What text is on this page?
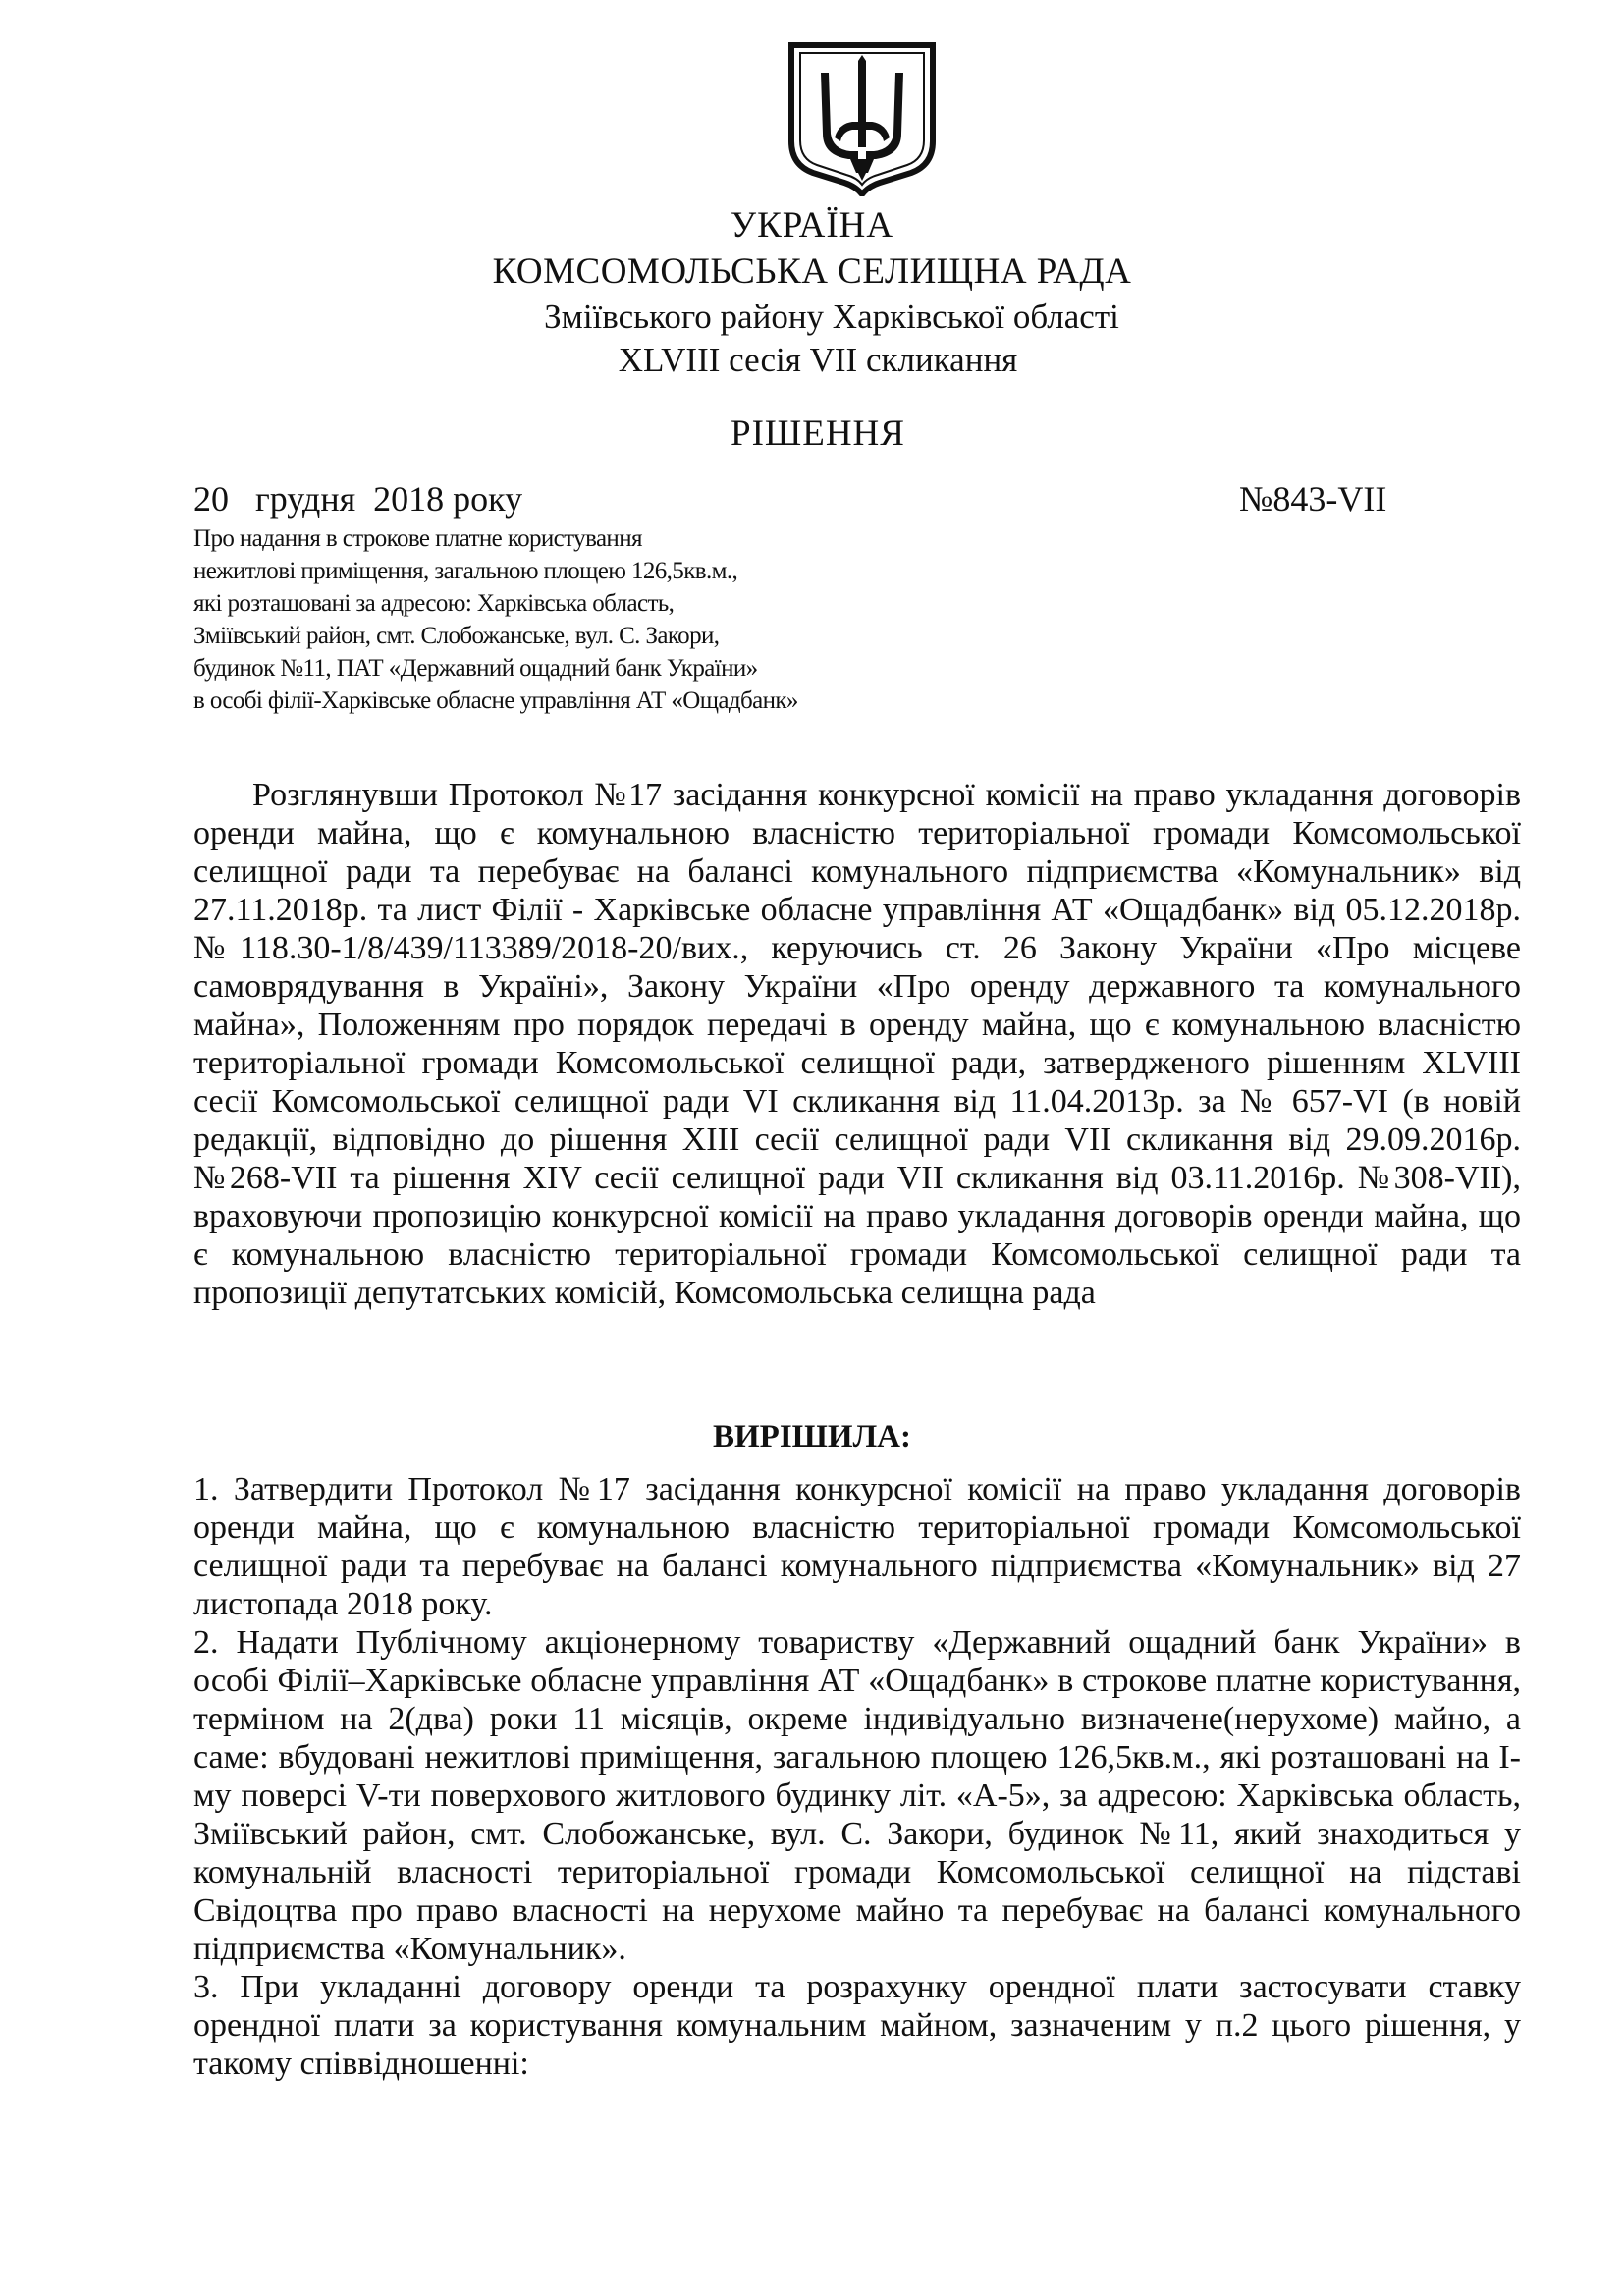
УКРАЇНА
КОМСОМОЛЬСЬКА СЕЛИЩНА РАДА
Зміївського району Харківської області
XLVIII сесія VII скликання
РІШЕННЯ
20   грудня  2018 року	№843-VII
Про надання в строкове платне користування
нежитлові приміщення, загальною площею 126,5кв.м.,
які розташовані за адресою: Харківська область,
Зміївський район, смт. Слобожанське, вул. С. Закори,
будинок №11, ПАТ «Державний ощадний банк України»
в особі філії-Харківське обласне управління АТ «Ощадбанк»
Розглянувши Протокол №17 засідання конкурсної комісії на право укладання договорів оренди майна, що є комунальною власністю територіальної громади Комсомольської селищної ради та перебуває на балансі комунального підприємства «Комунальник» від 27.11.2018р. та лист Філії - Харківське обласне управління АТ «Ощадбанк» від 05.12.2018р. №118.30-1/8/439/113389/2018-20/вих., керуючись ст. 26 Закону України «Про місцеве самоврядування в Україні», Закону України «Про оренду державного та комунального майна», Положенням про порядок передачі в оренду майна, що є комунальною власністю територіальної громади Комсомольської селищної ради, затвердженого рішенням XLVIII сесії Комсомольської селищної ради VI скликання від 11.04.2013р. за № 657-VI (в новій редакції, відповідно до рішення XIII сесії селищної ради VII скликання від 29.09.2016р. №268-VII та рішення XIV сесії селищної ради VII скликання від 03.11.2016р. №308-VII), враховуючи пропозицію конкурсної комісії на право укладання договорів оренди майна, що є комунальною власністю територіальної громади Комсомольської селищної ради та пропозиції депутатських комісій, Комсомольська селищна рада
ВИРІШИЛА:

1. Затвердити Протокол №17 засідання конкурсної комісії на право укладання договорів оренди майна, що є комунальною власністю територіальної громади Комсомольської селищної ради та перебуває на балансі комунального підприємства «Комунальник» від 27 листопада 2018 року.

2. Надати Публічному акціонерному товариству «Державний ощадний банк України» в особі Філії–Харківське обласне управління АТ «Ощадбанк» в строкове платне користування, терміном на 2(два) роки 11 місяців, окреме індивідуально визначене(нерухоме) майно, а саме: вбудовані нежитлові приміщення, загальною площею 126,5кв.м., які розташовані на I-му поверсі V-ти поверхового житлового будинку літ. «А-5», за адресою: Харківська область, Зміївський район, смт. Слобожанське, вул. С. Закори, будинок №11, який знаходиться у комунальній власності територіальної громади Комсомольської селищної на підставі Свідоцтва про право власності на нерухоме майно та перебуває на балансі комунального підприємства «Комунальник».

3. При укладанні договору оренди та розрахунку орендної плати застосувати ставку орендної плати за користування комунальним майном, зазначеним у п.2 цього рішення, у такому співвідношенні:
